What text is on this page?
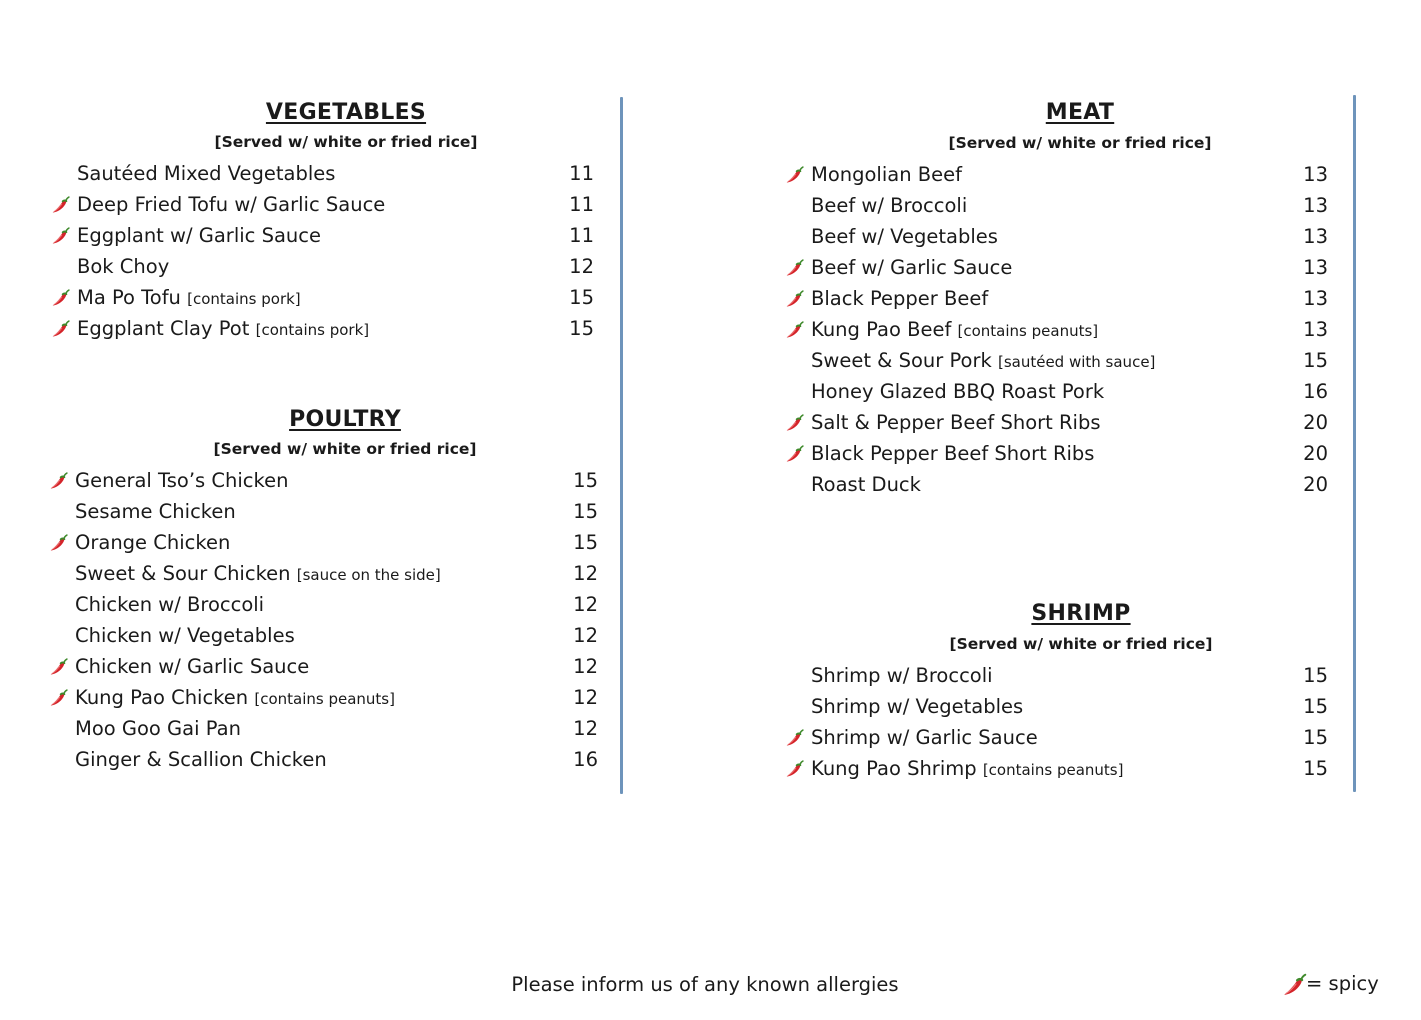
VEGETABLES
[Served w/ white or fried rice]
Sautéed Mixed Vegetables	11
Deep Fried Tofu w/ Garlic Sauce	11
Eggplant w/ Garlic Sauce	11
Bok Choy	12
Ma Po Tofu [contains pork]	15
Eggplant Clay Pot [contains pork]	15
POULTRY
[Served w/ white or fried rice]
General Tso’s Chicken	15
Sesame Chicken	15
Orange Chicken	15
Sweet & Sour Chicken [sauce on the side]	12
Chicken w/ Broccoli	12
Chicken w/ Vegetables	12
Chicken w/ Garlic Sauce	12
Kung Pao Chicken [contains peanuts]	12
Moo Goo Gai Pan	12
Ginger & Scallion Chicken	16
MEAT
[Served w/ white or fried rice]
Mongolian Beef	13
Beef w/ Broccoli	13
Beef w/ Vegetables	13
Beef w/ Garlic Sauce	13
Black Pepper Beef	13
Kung Pao Beef [contains peanuts]	13
Sweet & Sour Pork [sautéed with sauce]	15
Honey Glazed BBQ Roast Pork	16
Salt & Pepper Beef Short Ribs	20
Black Pepper Beef Short Ribs	20
Roast Duck	20
SHRIMP
[Served w/ white or fried rice]
Shrimp w/ Broccoli	15
Shrimp w/ Vegetables	15
Shrimp w/ Garlic Sauce	15
Kung Pao Shrimp [contains peanuts]	15
Please inform us of any known allergies	= spicy
